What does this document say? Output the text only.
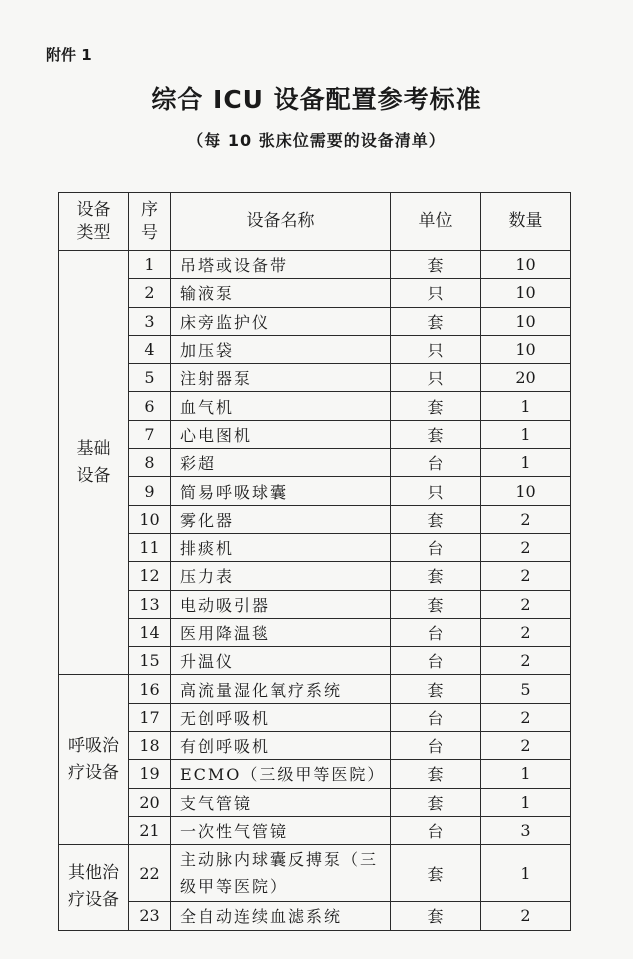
附件 1
综合 ICU 设备配置参考标准
（每 10 张床位需要的设备清单）
设备类型	序号	设备名称	单位	数量
基础设备	1	吊塔或设备带	套	10
	2	输液泵	只	10
	3	床旁监护仪	套	10
	4	加压袋	只	10
	5	注射器泵	只	20
	6	血气机	套	1
	7	心电图机	套	1
	8	彩超	台	1
	9	简易呼吸球囊	只	10
	10	雾化器	套	2
	11	排痰机	台	2
	12	压力表	套	2
	13	电动吸引器	套	2
	14	医用降温毯	台	2
	15	升温仪	台	2
呼吸治疗设备	16	高流量湿化氧疗系统	套	5
	17	无创呼吸机	台	2
	18	有创呼吸机	台	2
	19	ECMO（三级甲等医院）	套	1
	20	支气管镜	套	1
	21	一次性气管镜	台	3
其他治疗设备	22	主动脉内球囊反搏泵（三级甲等医院）	套	1
	23	全自动连续血滤系统	套	2
